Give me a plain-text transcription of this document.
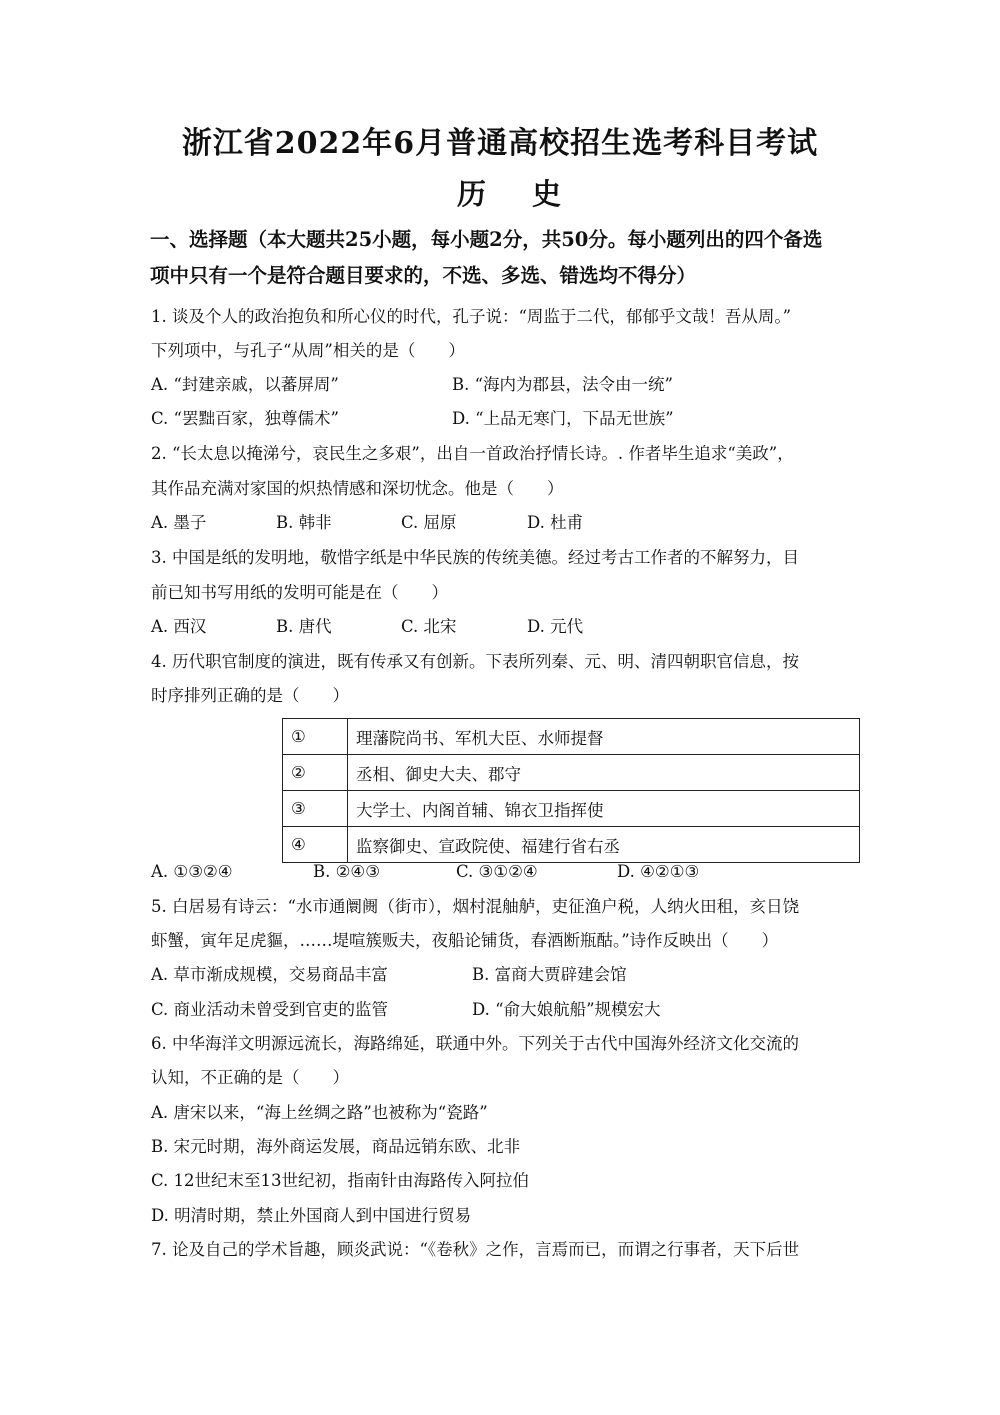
浙江省2022年6月普通高校招生选考科目考试
历 史
一、选择题（本大题共25小题，每小题2分，共50分。每小题列出的四个备选
项中只有一个是符合题目要求的，不选、多选、错选均不得分）
1. 谈及个人的政治抱负和所心仪的时代，孔子说：“周监于二代，郁郁乎文哉！吾从周。”
下列项中，与孔子“从周”相关的是（　　）
A. “封建亲戚，以蕃屏周”	B. “海内为郡县，法令由一统”
C. “罢黜百家，独尊儒术”	D. “上品无寒门，下品无世族”
2. “长太息以掩涕兮，哀民生之多艰”，出自一首政治抒情长诗。. 作者毕生追求“美政”，
其作品充满对家国的炽热情感和深切忧念。他是（　　）
A. 墨子	B. 韩非	C. 屈原	D. 杜甫
3. 中国是纸的发明地，敬惜字纸是中华民族的传统美德。经过考古工作者的不解努力，目
前已知书写用纸的发明可能是在（　　）
A. 西汉	B. 唐代	C. 北宋	D. 元代
4. 历代职官制度的演进，既有传承又有创新。下表所列秦、元、明、清四朝职官信息，按
时序排列正确的是（　　）
①	理藩院尚书、军机大臣、水师提督
②	丞相、御史大夫、郡守
③	大学士、内阁首辅、锦衣卫指挥使
④	监察御史、宣政院使、福建行省右丞
A. ①③②④	B. ②④③	C. ③①②④	D. ④②①③
5. 白居易有诗云：“水市通阛阓（街市），烟村混舳舻，吏征渔户税，人纳火田租，亥日饶
虾蟹，寅年足虎貙，……堤喧簇贩夫，夜船论铺货，春酒断瓶酤。”诗作反映出（　　）
A. 草市渐成规模，交易商品丰富	B. 富商大贾辟建会馆
C. 商业活动未曾受到官吏的监管	D. “俞大娘航船”规模宏大
6. 中华海洋文明源远流长，海路绵延，联通中外。下列关于古代中国海外经济文化交流的
认知，不正确的是（　　）
A. 唐宋以来，“海上丝绸之路”也被称为“瓷路”
B. 宋元时期，海外商运发展，商品远销东欧、北非
C. 12世纪末至13世纪初，指南针由海路传入阿拉伯
D. 明清时期，禁止外国商人到中国进行贸易
7. 论及自己的学术旨趣，顾炎武说：“《卷秋》之作，言焉而已，而谓之行事者，天下后世
